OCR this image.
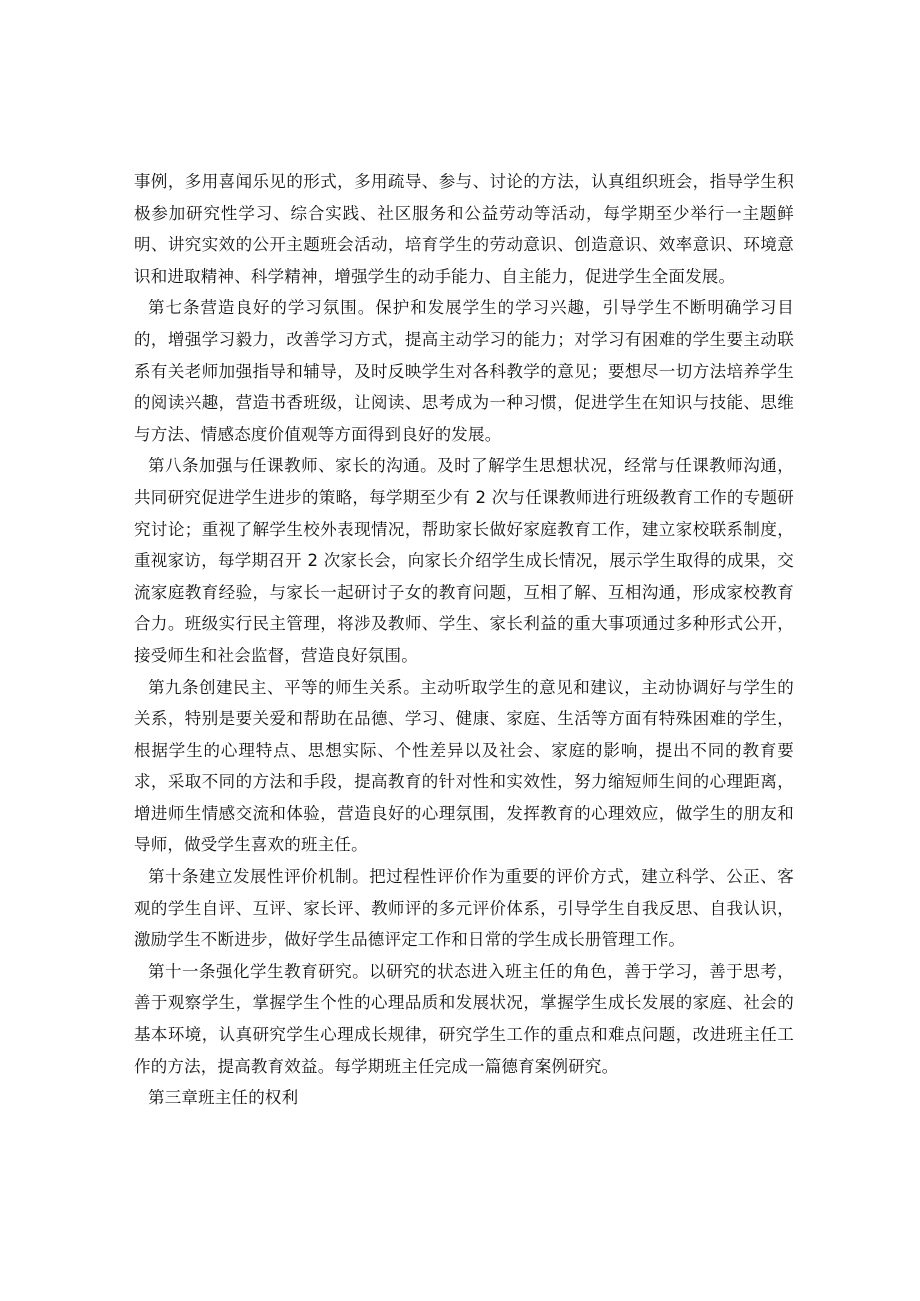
事例，多用喜闻乐见的形式，多用疏导、参与、讨论的方法，认真组织班会，指导学生积极参加研究性学习、综合实践、社区服务和公益劳动等活动，每学期至少举行一主题鲜明、讲究实效的公开主题班会活动，培育学生的劳动意识、创造意识、效率意识、环境意识和进取精神、科学精神，增强学生的动手能力、自主能力，促进学生全面发展。

第七条营造良好的学习氛围。保护和发展学生的学习兴趣，引导学生不断明确学习目的，增强学习毅力，改善学习方式，提高主动学习的能力；对学习有困难的学生要主动联系有关老师加强指导和辅导，及时反映学生对各科教学的意见；要想尽一切方法培养学生的阅读兴趣，营造书香班级，让阅读、思考成为一种习惯，促进学生在知识与技能、思维与方法、情感态度价值观等方面得到良好的发展。

第八条加强与任课教师、家长的沟通。及时了解学生思想状况，经常与任课教师沟通，共同研究促进学生进步的策略，每学期至少有 2 次与任课教师进行班级教育工作的专题研究讨论；重视了解学生校外表现情况，帮助家长做好家庭教育工作，建立家校联系制度，重视家访，每学期召开 2 次家长会，向家长介绍学生成长情况，展示学生取得的成果，交流家庭教育经验，与家长一起研讨子女的教育问题，互相了解、互相沟通，形成家校教育合力。班级实行民主管理，将涉及教师、学生、家长利益的重大事项通过多种形式公开，接受师生和社会监督，营造良好氛围。

第九条创建民主、平等的师生关系。主动听取学生的意见和建议，主动协调好与学生的关系，特别是要关爱和帮助在品德、学习、健康、家庭、生活等方面有特殊困难的学生，根据学生的心理特点、思想实际、个性差异以及社会、家庭的影响，提出不同的教育要求，采取不同的方法和手段，提高教育的针对性和实效性，努力缩短师生间的心理距离，增进师生情感交流和体验，营造良好的心理氛围，发挥教育的心理效应，做学生的朋友和导师，做受学生喜欢的班主任。

第十条建立发展性评价机制。把过程性评价作为重要的评价方式，建立科学、公正、客观的学生自评、互评、家长评、教师评的多元评价体系，引导学生自我反思、自我认识，激励学生不断进步，做好学生品德评定工作和日常的学生成长册管理工作。

第十一条强化学生教育研究。以研究的状态进入班主任的角色，善于学习，善于思考，善于观察学生，掌握学生个性的心理品质和发展状况，掌握学生成长发展的家庭、社会的基本环境，认真研究学生心理成长规律，研究学生工作的重点和难点问题，改进班主任工作的方法，提高教育效益。每学期班主任完成一篇德育案例研究。

第三章班主任的权利
